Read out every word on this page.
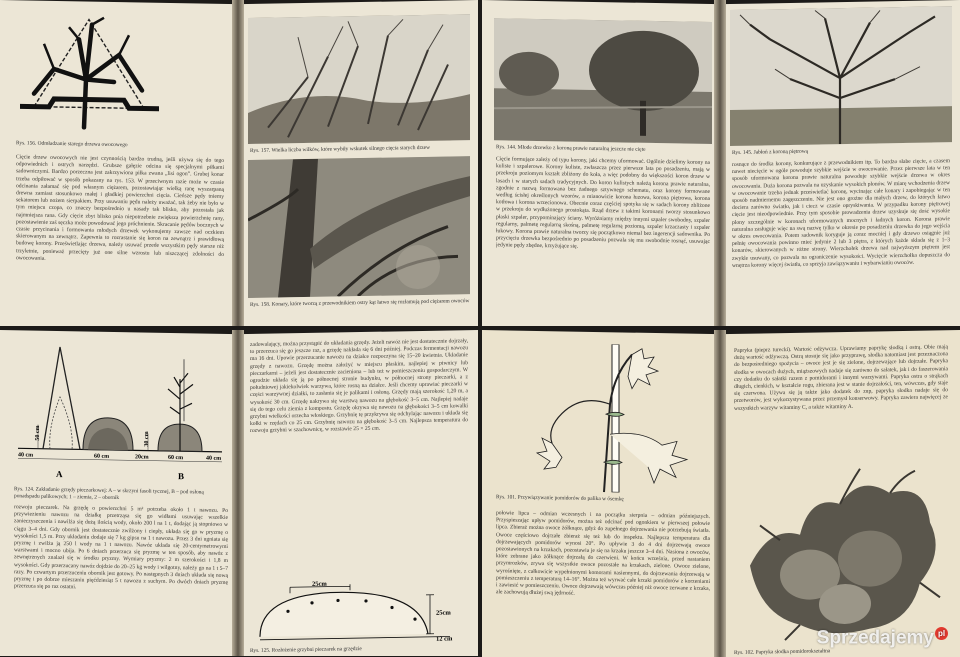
Rys. 156. Odmładzanie starego drzewa owocowego
Cięcie drzew owocowych nie jest czynnością bardzo trudną, jeśli używa się do tego odpowiednich i ostrych narzędzi. Grubsze gałęzie odcina się specjalnymi piłkami sadowniczymi. Bardzo porzeczna jest zakrzywiona piłka zwana „lisi ogon”. Grubej konar trzeba odpiłować w sposób pokazany na rys. 153. W przeciwnym razie może w czasie odcinania załamać się pod własnym ciężarem, pozostawiając wielką ranę wyszarpaną drewna zamiast stosunkowo małej i gładkiej powierzchni cięcia. Cieńsze pędy tniemy sekatorem lub nożem sierpakiem. Przy usuwaniu pędu należy uważać, tak żeby nie było w tym miejscu czopa, co znaczy bezpośrednio u nasady tak blisko, aby pozostała jak najmniejsza rana. Gdy cięcie zbyt blisko pnia niepotrzebnie zwiększa powierzchnię rany, pozostawienie zaś sęczka może powodować jego próchnienie. Skracanie pędów bocznych w czasie przycinania i formowania młodych drzewek wykonujemy zawsze nad oczkiem skierowanym na zewnątrz. Zapewnia to rozrastanie się koron na zewnątrz i prawidłową budowę korony. Prześwietlając drzewa, należy usuwać przede wszystkim pędy starsze niż trzyletnie, ponieważ przecięty już one silne wzrostu lub niszczącej zdolności do owocowania.
Rys. 157. Wielka liczba wilków, które wybiły wskutek silnego cięcia starych drzew
Rys. 158. Konary, które tworzą z przewodnikiem ostry kąt łatwo się rozłamują pod ciężarem owoców
Rys. 144. Młode drzewko z koroną prawie naturalną jeszcze nie cięte
Cięcie formujące zależy od typu korony, jaki chcemy uformować. Ogólnie dzielimy korony na kuliste i szpalerowe. Korony kuliste, zwłaszcza przez pierwsze lata po posadzeniu, mają w przekroju poziomym kształt zbliżony do koła, a więc podobny do większości koron drzew w lasach i w starych sadach tradycyjnych. Do koron kulistych należą korona prawie naturalna, zgodnie z nazwą formowana bez żadnego sztywnego schematu, oraz korony formowane według ścisłej określonych wzorów, a mianowicie korona łuzowa, korona piętrowa, korona kotłowa i korona wrzecionowa. Obecnie coraz częściej spotyka się w sadach korony zbliżone w przekroju do wydłużonego prostokąta. Rząd drzew z takimi koronami tworzy stosunkowo płaski szpaler, przypominający ściany. Wyróżniamy między innymi szpaler swobodny, szpaler regularny, palmetę regularną skośną, palmetę regularną poziomą, szpaler krzaczasty i szpaler łukowy. Korona prawie naturalna tworzy się początkowo niemal bez ingerencji sadownika. Po przycięciu drzewka bezpośrednio po posadzeniu pozwala się mu swobodnie rosnąć, usuwając jedynie pędy zbędne, krzyżujące się.
Rys. 145. Jabłoń z koroną piętrową
rosnące do środka korony, konkurujące z przewodnikiem itp. To bardzo słabe cięcie, a czasem nawet niecięcie w ogóle powoduje szybkie wejście w owocowanie. Przez pierwsze lata w ten sposób uformowana korona prawie naturalna powoduje szybkie wejście drzewa w okres owocowania. Duża korona pozwala na uzyskanie wysokich plonów. W miarę wchodzenia drzew w owocowanie trzeba jednak prześwietlać koronę, wycinając całe konary i zapobiegając w ten sposób nadmiernemu zagęszczeniu. Nie jest ono groźne dla małych drzew, do których łatwo dociera zarówno światło, jak i ciecz w czasie opryskiwania. W przypadku korony piętrowej cięcie jest nieodpowiednie. Przy tym sposobie prowadzenia drzew uzyskuje się dość wysokie plony szczególnie w koronach uformowanych mocnych i ładnych koron. Korona prawie naturalna zasługuje więc na swą nazwę tylko w okresie po posadzeniu drzewka do jego wejścia w okres owocowania. Potem sadownik koryguje ją coraz mocniej i gdy drzewo osiągnie już pełnię owocowania powinno mieć jedynie 2 lub 3 piętra, z których każde składa się z 1–3 konarów, skierowanych w różne strony. Wierzchołek drzewa nad najwyższym piętrem jest zwykle usuwany, co pozwala na ograniczenie wysokości. Wycięcie wierzchołka dopuszcza do wnętrza korony więcej światła, co sprzyja zawiązywaniu i wybarwianiu owoców.
A	B
40 cm	60 cm	20cm	60 cm	40 cm
50 cm	30 cm
Rys. 124. Zakładanie grzędy pieczarkowej: A – w skrzyni fasoli tycznej, B – pod osłoną ponadspadu palikowych; 1 – ziemia, 2 – obornik
rozwoju pieczarek. Na grzędę o powierzchni 5 m² potrzeba około 1 t nawozu. Po przywiezieniu nawozu na działkę przetrząsa się go widłami usuwając wszelkie zanieczyszczenia i nawilża się dużą ilością wody, około 200 l na 1 t, dodając ją stopniowo w ciągu 3–4 dni. Gdy obornik jest dostatecznie zwilżony i ciepły, układa się go w pryzmę o wysokości 1,5 m. Przy układaniu dodaje się 7 kg gipsu na 1 t nawozu. Przez 3 dni ugniata się pryzmę i zwilża ją 250 l wody na 1 t nawozu. Nawóz układa się 20-centymetrowymi warstwami i mocno ubija. Po 6 dniach przerzuca się pryzmę w ten sposób, aby nawóz z zewnętrznych znalazł się w środku pryzmy. Wymiary pryzmy: 2 m szerokości i 1,8 m wysokości. Gdy przerzucany nawóz dojdzie do 20–25 kg wody i wilgotny, należy go na 1 t 5–7 razy. Po czwartym przerzuceniu obornik jest gotowy. Po następnych 3 dniach układa się nową pryzmę i po dobrze mieszaniu pięćdziesiąt 5 t nawozu z suchym. Po dwóch dniach pryzmę przerzuca się po raz ostatni.
zadowalający, można przystąpić do układania grzędy. Jeżeli nawóz nie jest dostatecznie dojrzały, to przerzuca się go jeszcze raz, a grzędę nakłada się 6 dni później. Podczas fermentacji nawozu ma 16 dni. Upowie przerzucanie nawozu na działce rozpoczyna się 15–20 kwietnia. Układanie grzędy z nawozu. Grzędę można założyć w miejscu płaskim, najlepiej w piwnicy lub pieczarkarni – jeżeli jest dostatecznie zacieniona – lub też w pomieszczeniu gospodarczym. W ogrodzie układa się ją po północnej stronie budynku, w północnej strony pieczarki, a z południowej jakiekolwiek warzywa, które rosną na działce. Jeśli chcemy uprawiać pieczarki w części warzywnej działki, to zasłania się je palikami i osłoną. Grzędy mają szerokość 1,20 m, a wysokość 30 cm. Grzędę nakrywa się warstwą nawozu na głębokość 3–5 cm. Najlepiej nadaje się do tego celu ziemia z kompostu. Grzędę okrywa się nawozu na głębokości 3–5 cm kowalki grzybni wielkości orzecha włoskiego. Grzybnię tę przykrywa się odchylając nawozu i układa się kołki w rzędach co 25 cm. Grzybnię nawozu na głębokość 3–5 cm. Najlepsza temperatura do rozwoju grzybni w szachownicę, w rozstawie 25 × 25 cm.
25cm
25cm
12 cm
Rys. 125. Rozłożenie grzybni pieczarek na grzędzie
Rys. 101. Przywiązywanie pomidorów do palika w ósemkę
połowie lipca – odmian wczesnych i na początku sierpnia – odmian późniejszych. Przyspieszając upływ pomidorów, można też odcinać pod ogonkiem w pierwszej połowie lipca. Zbieraż można owoce żółknące, gdyż do zupełnego dojrzewania nie potrzebują światła. Owoce częściowo dojrzałe zbieraż się też lub do inspektu. Najlepsza temperatura dla dojrzewających pomidorów wynosi 20°. Po upływie 3 do 4 dni dojrzewają owoce pozostawionych na krzakach, pozostawia je się na krzaku jeszcze 3–4 dni. Nasiona z owoców, które zebrane jako żółknące dojrzałą do czerwieni. W końcu września, przed nastaniem przymrozków, zrywa się wszystkie owoce pozostałe na krzakach, zielone. Owoce zielone, wyrośnięte, z całkowicie wypełnionymi komorami nasiennymi, do dojrzewania dojrzewają w pomieszczeniu z temperaturą 14–16°. Można też wyrwać całe krzaki pomidorów z korzeniami i zawiesić w pomieszczeniu. Owoce dojrzewają wówczas później niż owoce zerwane z krzaka, ale zachowują dłużej swą jędrność.
Papryka (pieprz turecki). Wartość odżywcza. Uprawiamy paprykę słodką i ostrą. Obie mają dużą wartość odżywczą. Ostrą stosuje się jako przyprawę, słodka natomiast jest przeznaczona do bezpośredniego spożycia – owoce jest je się zielone, dojrzewające lub dojrzałe. Papryka słodka w owocach dużych, miąższowych nadaje się zarówno do sałatek, jak i do faszerowania czy dodatku do sałatki razem z pomidorami i innymi warzywami. Papryka ostra o strąkach długich, cienkich, w kształcie rogu, zbierana jest w stanie dojrzałości, ten, wówczas, gdy staje się czerwona. Używa się ją także jako dodatek do zup, papryka słodka nadaje się do przetworów, jest wykorzystywana przez przemysł konserwowy. Papryka zawiera najwięcej ze wszystkich warzyw witaminy C, a także witaminy A.
Rys. 102. Papryka słodka pomidorokształtna
Sprzedajemy pl
